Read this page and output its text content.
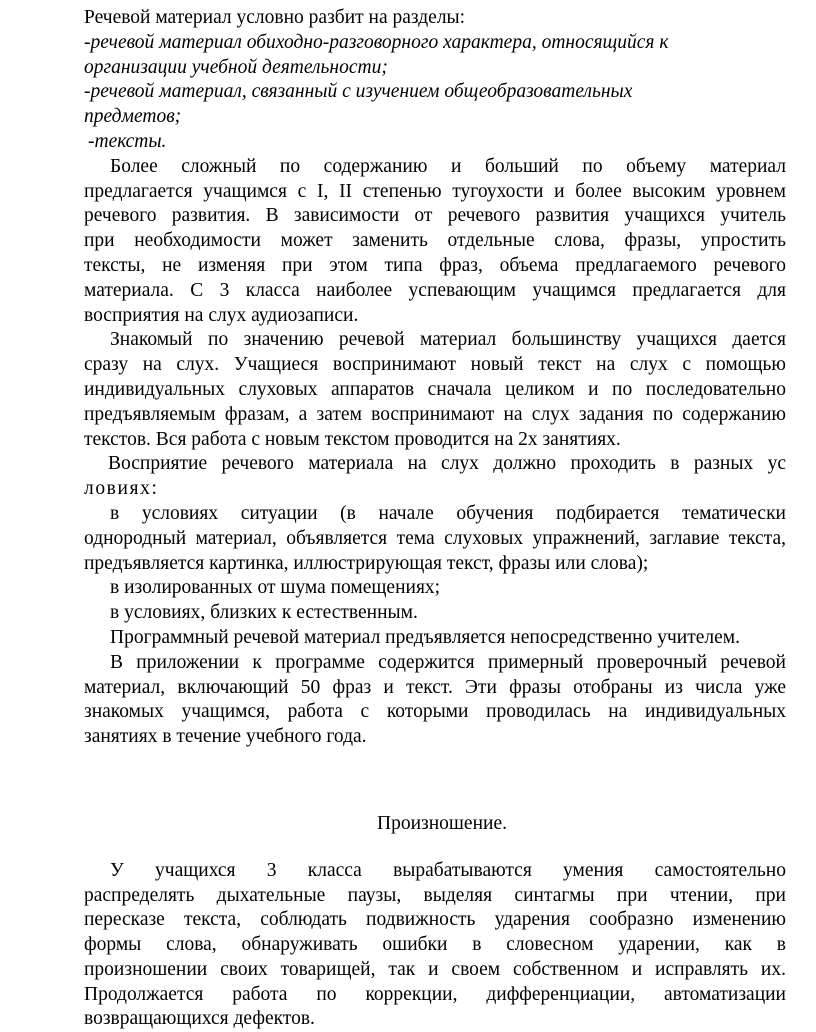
Речевой материал условно разбит на разделы:
-речевой материал обиходно-разговорного характера, относящийся к
организации учебной деятельности;
-речевой материал, связанный с изучением общеобразовательных
предметов;
-тексты.
Более сложный по содержанию и больший по объему материал
предлагается учащимся с I, II степенью тугоухости и более высоким уровнем
речевого развития. В зависимости от речевого развития учащихся учитель
при необходимости может заменить отдельные слова, фразы, упростить
тексты, не изменяя при этом типа фраз, объема предлагаемого речевого
материала. С 3 класса наиболее успевающим учащимся предлагается для
восприятия на слух аудиозаписи.
Знакомый по значению речевой материал большинству учащихся дается
сразу на слух. Учащиеся воспринимают новый текст на слух с помощью
индивидуальных слуховых аппаратов сначала целиком и по последовательно
предъявляемым фразам, а затем воспринимают на слух задания по содержанию
текстов. Вся работа с новым текстом проводится на 2х занятиях.
Восприятие речевого материала на слух должно проходить в разных ус
ловиях:
в условиях ситуации (в начале обучения подбирается тематически
однородный материал, объявляется тема слуховых упражнений, заглавие текста,
предъявляется картинка, иллюстрирующая текст, фразы или слова);
в изолированных от шума помещениях;
в условиях, близких к естественным.
Программный речевой материал предъявляется непосредственно учителем.
В приложении к программе содержится примерный проверочный речевой
материал, включающий 50 фраз и текст. Эти фразы отобраны из числа уже
знакомых учащимся, работа с которыми проводилась на индивидуальных
занятиях в течение учебного года.
Произношение.
У учащихся 3 класса вырабатываются умения самостоятельно
распределять дыхательные паузы, выделяя синтагмы при чтении, при
пересказе текста, соблюдать подвижность ударения сообразно изменению
формы слова, обнаруживать ошибки в словесном ударении, как в
произношении своих товарищей, так и своем собственном и исправлять их.
Продолжается работа по коррекции, дифференциации, автоматизации
возвращающихся дефектов.
